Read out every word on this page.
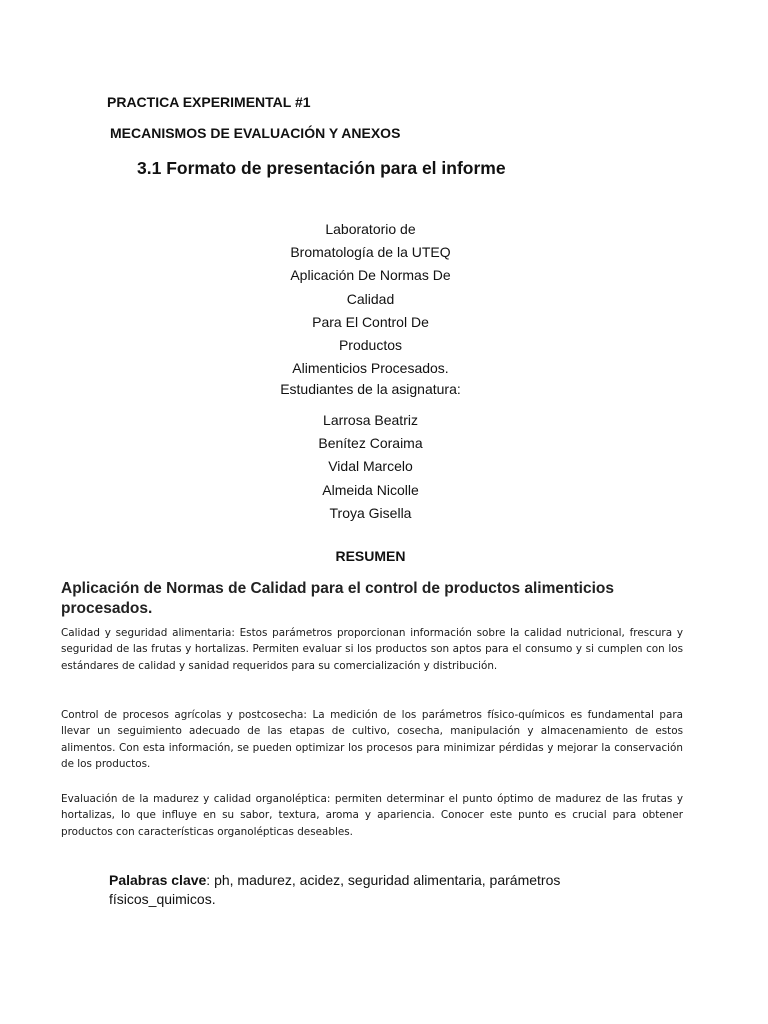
PRACTICA EXPERIMENTAL #1
MECANISMOS DE EVALUACIÓN Y ANEXOS
3.1 Formato de presentación para el informe
Laboratorio de
Bromatología de la UTEQ
Aplicación De Normas De
Calidad
Para El Control De
Productos
Alimenticios Procesados.
Estudiantes de la asignatura:
Larrosa Beatriz
Benítez Coraima
Vidal Marcelo
Almeida Nicolle
Troya Gisella
RESUMEN
Aplicación de Normas de Calidad para el control de productos alimenticios procesados.
Calidad y seguridad alimentaria: Estos parámetros proporcionan información sobre la calidad nutricional, frescura y seguridad de las frutas y hortalizas. Permiten evaluar si los productos son aptos para el consumo y si cumplen con los estándares de calidad y sanidad requeridos para su comercialización y distribución.
Control de procesos agrícolas y postcosecha: La medición de los parámetros físico-químicos es fundamental para llevar un seguimiento adecuado de las etapas de cultivo, cosecha, manipulación y almacenamiento de estos alimentos. Con esta información, se pueden optimizar los procesos para minimizar pérdidas y mejorar la conservación de los productos.
Evaluación de la madurez y calidad organoléptica: permiten determinar el punto óptimo de madurez de las frutas y hortalizas, lo que influye en su sabor, textura, aroma y apariencia. Conocer este punto es crucial para obtener productos con características organolépticas deseables.
Palabras clave: ph, madurez, acidez, seguridad alimentaria, parámetros físicos_quimicos.
